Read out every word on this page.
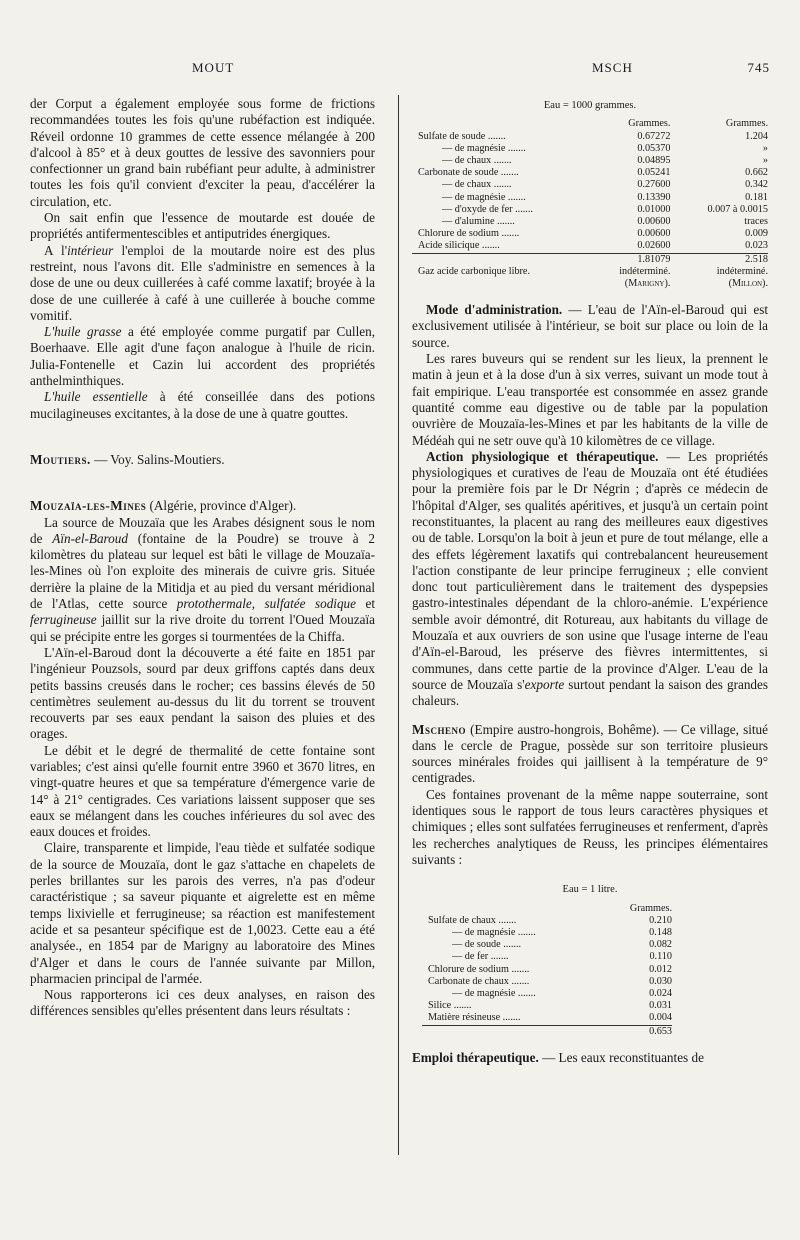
MOUT	MSCH	745

der Corput a également employée sous forme de frictions recommandées toutes les fois qu'une rubéfaction est indiquée. Réveil ordonne 10 grammes de cette essence mélangée à 200 d'alcool à 85° et à deux gouttes de lessive des savonniers pour confectionner un grand bain rubéfiant peur adulte, à administrer toutes les fois qu'il convient d'exciter la peau, d'accélérer la circulation, etc.

On sait enfin que l'essence de moutarde est douée de propriétés antifermentescibles et antiputrides énergiques.

A l'intérieur l'emploi de la moutarde noire est des plus restreint, nous l'avons dit. Elle s'administre en semences à la dose de une ou deux cuillerées à café comme laxatif; broyée à la dose de une cuillerée à café à une cuillerée à bouche comme vomitif.

L'huile grasse a été employée comme purgatif par Cullen, Boerhaave. Elle agit d'une façon analogue à l'huile de ricin. Julia-Fontenelle et Cazin lui accordent des propriétés anthelminthiques.

L'huile essentielle à été conseillée dans des potions mucilagineuses excitantes, à la dose de une à quatre gouttes.

Moutiers. — Voy. Salins-Moutiers.

Mouzaïa-les-Mines (Algérie, province d'Alger).

La source de Mouzaïa que les Arabes désignent sous le nom de Aïn-el-Baroud (fontaine de la Poudre) se trouve à 2 kilomètres du plateau sur lequel est bâti le village de Mouzaïa-les-Mines où l'on exploite des minerais de cuivre gris. Située derrière la plaine de la Mitidja et au pied du versant méridional de l'Atlas, cette source protothermale, sulfatée sodique et ferrugineuse jaillit sur la rive droite du torrent l'Oued Mouzaïa qui se précipite entre les gorges si tourmentées de la Chiffa.

L'Aïn-el-Baroud dont la découverte a été faite en 1851 par l'ingénieur Pouzsols, sourd par deux griffons captés dans deux petits bassins creusés dans le rocher; ces bassins élevés de 50 centimètres seulement au-dessus du lit du torrent se trouvent recouverts par ses eaux pendant la saison des pluies et des orages.

Le débit et le degré de thermalité de cette fontaine sont variables; c'est ainsi qu'elle fournit entre 3960 et 3670 litres, en vingt-quatre heures et que sa température d'émergence varie de 14° à 21° centigrades. Ces variations laissent supposer que ses eaux se mélangent dans les couches inférieures du sol avec des eaux douces et froides.

Claire, transparente et limpide, l'eau tiède et sulfatée sodique de la source de Mouzaïa, dont le gaz s'attache en chapelets de perles brillantes sur les parois des verres, n'a pas d'odeur caractéristique ; sa saveur piquante et aigrelette est en même temps lixivielle et ferrugineuse; sa réaction est manifestement acide et sa pesanteur spécifique est de 1,0023. Cette eau a été analysée., en 1854 par de Marigny au laboratoire des Mines d'Alger et dans le cours de l'année suivante par Millon, pharmacien principal de l'armée.

Nous rapporterons ici ces deux analyses, en raison des différences sensibles qu'elles présentent dans leurs résultats :

Eau = 1000 grammes.
	Grammes.	Grammes.
Sulfate de soude .......	0.67272	1.204
— de magnésie .......	0.05370	»
— de chaux .......	0.04895	»
Carbonate de soude .......	0.05241	0.662
— de chaux .......	0.27600	0.342
— de magnésie .......	0.13390	0.181
— d'oxyde de fer .......	0.01000	0.007 à 0.0015
— d'alumine .......	0.00600	traces
Chlorure de sodium .......	0.00600	0.009
Acide silicique .......	0.02600	0.023
	1.81079	2.518
Gaz acide carbonique libre.	indéterminé.	indéterminé.
	(Marigny).	(Millon).

Mode d'administration. — L'eau de l'Aïn-el-Baroud qui est exclusivement utilisée à l'intérieur, se boit sur place ou loin de la source.

Les rares buveurs qui se rendent sur les lieux, la prennent le matin à jeun et à la dose d'un à six verres, suivant un mode tout à fait empirique. L'eau transportée est consommée en assez grande quantité comme eau digestive ou de table par la population ouvrière de Mouzaïa-les-Mines et par les habitants de la ville de Médéah qui ne setr ouve qu'à 10 kilomètres de ce village.

Action physiologique et thérapeutique. — Les propriétés physiologiques et curatives de l'eau de Mouzaïa ont été étudiées pour la première fois par le Dr Négrin ; d'après ce médecin de l'hôpital d'Alger, ses qualités apéritives, et jusqu'à un certain point reconstituantes, la placent au rang des meilleures eaux digestives ou de table. Lorsqu'on la boit à jeun et pure de tout mélange, elle a des effets légèrement laxatifs qui contrebalancent heureusement l'action constipante de leur principe ferrugineux ; elle convient donc tout particulièrement dans le traitement des dyspepsies gastro-intestinales dépendant de la chloro-anémie. L'expérience semble avoir démontré, dit Rotureau, aux habitants du village de Mouzaïa et aux ouvriers de son usine que l'usage interne de l'eau d'Aïn-el-Baroud, les préserve des fièvres intermittentes, si communes, dans cette partie de la province d'Alger. L'eau de la source de Mouzaïa s'exporte surtout pendant la saison des grandes chaleurs.

Mscheno (Empire austro-hongrois, Bohême). — Ce village, situé dans le cercle de Prague, possède sur son territoire plusieurs sources minérales froides qui jaillisent à la température de 9° centigrades.

Ces fontaines provenant de la même nappe souterraine, sont identiques sous le rapport de tous leurs caractères physiques et chimiques ; elles sont sulfatées ferrugineuses et renferment, d'après les recherches analytiques de Reuss, les principes élémentaires suivants :

Eau = 1 litre.
	Grammes.
Sulfate de chaux .......	0.210
— de magnésie .......	0.148
— de soude .......	0.082
— de fer .......	0.110
Chlorure de sodium .......	0.012
Carbonate de chaux .......	0.030
— de magnésie .......	0.024
Silice .......	0.031
Matière résineuse .......	0.004
	0.653

Emploi thérapeutique. — Les eaux reconstituantes de
